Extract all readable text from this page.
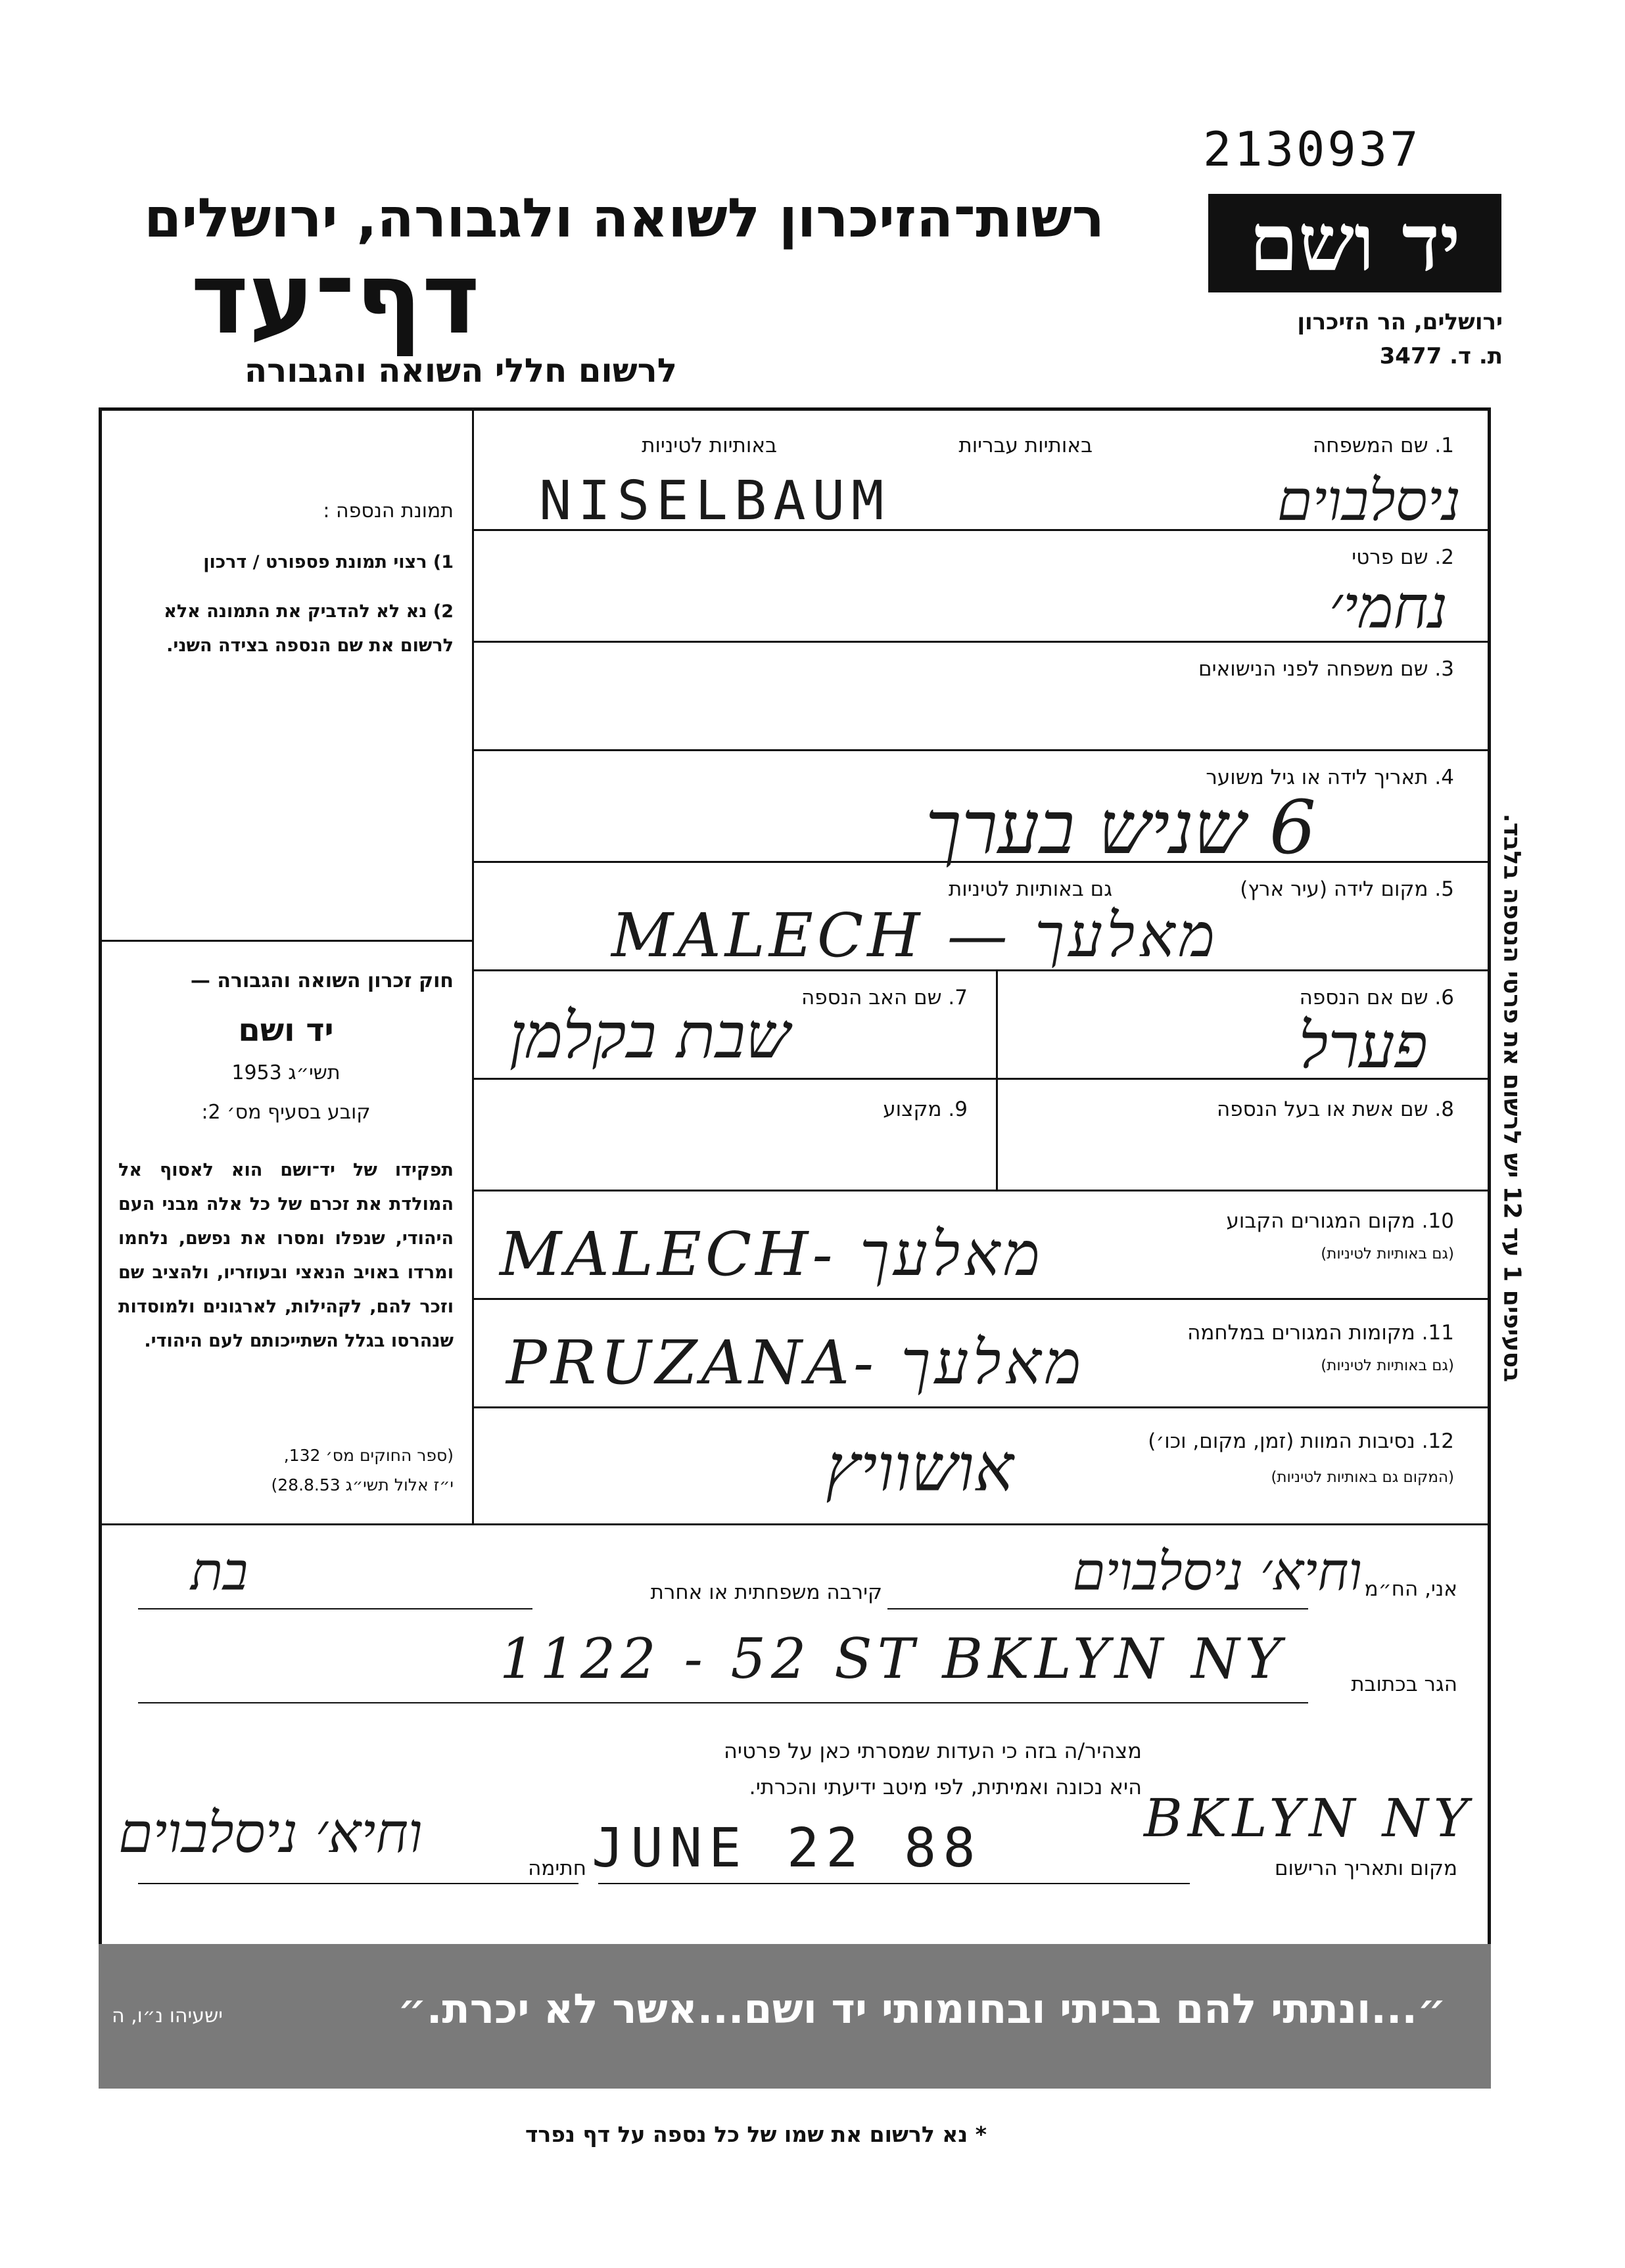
2130937
יד ושם
ירושלים, הר הזיכרון
ת. ד. 3477
רשות־הזיכרון לשואה ולגבורה, ירושלים
דף־עד
לרשום חללי השואה והגבורה
בסעיפים 1 עד 12 יש לרשום את פרטי הנספה בלבד.
תמונת הנספה :
1) רצוי תמונת פספורט / דרכון
2) נא לא להדביק את התמונה אלא לרשום את שם הנספה בצידה השני.
חוק זכרון השואה והגבורה —
יד ושם
תשי״ג 1953
קובע בסעיף מס׳ 2:
תפקידו של יד־ושם הוא לאסוף אל המולדת את זכרם של כל אלה מבני העם היהודי, שנפלו ומסרו את נפשם, נלחמו ומרדו באויב הנאצי ובעוזריו, ולהציב שם וזכר להם, לקהילות, לארגונים ולמוסדות שנהרסו בגלל השתייכותם לעם היהודי.
(ספר החוקים מס׳ 132,
י״ז אלול תשי״ג 28.8.53)
1. שם המשפחה
באותיות עבריות
באותיות לטיניות
NISELBAUM	ניסלבוים
2. שם פרטי
נחמי׳
3. שם משפחה לפני הנישואים
4. תאריך לידה או גיל משוער
6 שניש בערך
5. מקום לידה (עיר ארץ)
גם באותיות לטיניות
MALECH — מאלעך
6. שם אם הנספה
פערל
7. שם האב הנספה
שבת בקלמן
8. שם אשת או בעל הנספה
9. מקצוע
10. מקום המגורים הקבוע
(גם באותיות לטיניות)
MALECH- מאלעך
11. מקומות המגורים במלחמה
(גם באותיות לטיניות)
PRUZANA- מאלעך
12. נסיבות המוות (זמן, מקום, וכו׳)
(המקום גם באותיות לטיניות)
אושוויץ
אני, הח״מ
וחיא׳ ניסלבוים
קירבה משפחתית או אחרת
בת
הגר בכתובת
1122 - 52 ST BKLYN NY
מצהיר/ה בזה כי העדות שמסרתי כאן על פרטיה
היא נכונה ואמיתית, לפי מיטב ידיעתי והכרתי.
מקום ותאריך הרישום
BKLYN NY
JUNE 22 88
חתימה
וחיא׳ ניסלבוים
״...ונתתי להם בביתי ובחומותי יד ושם...אשר לא יכרת.״
ישעיהו נ״ו, ה
* נא לרשום את שמו של כל נספה על דף נפרד
